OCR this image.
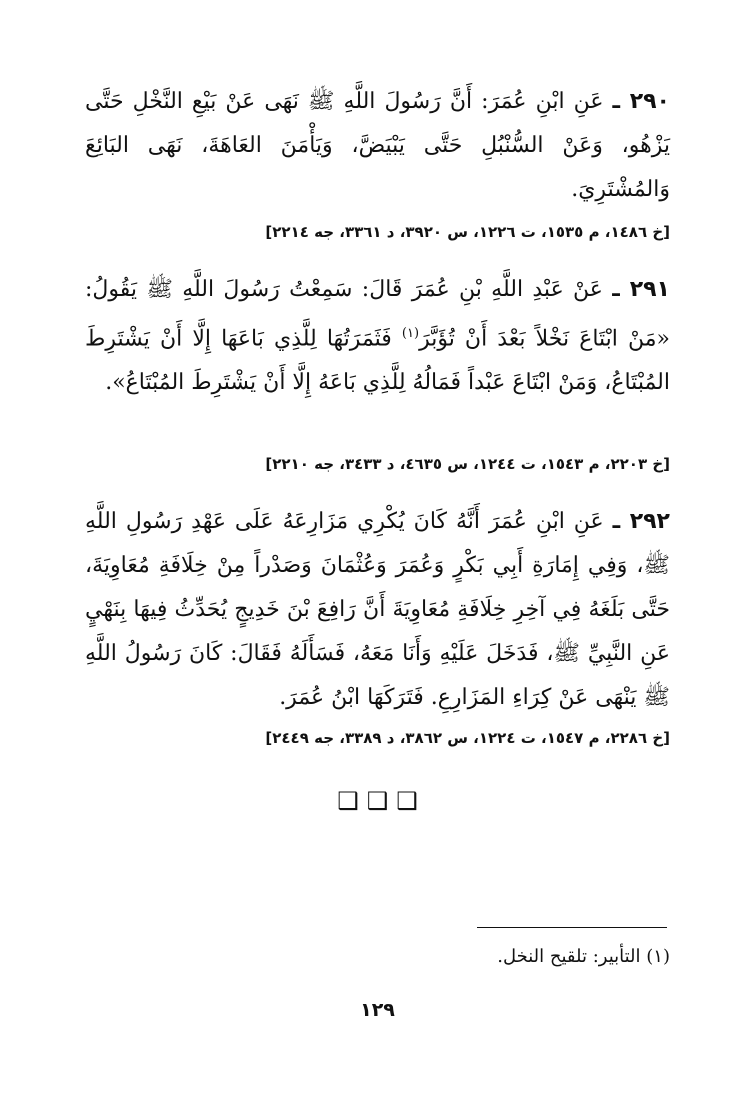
٢٩٠ ـ عَنِ ابْنِ عُمَرَ: أَنَّ رَسُولَ اللَّهِ ﷺ نَهَى عَنْ بَيْعِ النَّخْلِ حَتَّى يَزْهُو، وَعَنْ السُّنْبُلِ حَتَّى يَبْيَضَّ، وَيَأْمَنَ العَاهَةَ، نَهَى البَائِعَ وَالمُشْتَرِيَ.
[خ ١٤٨٦، م ١٥٣٥، ت ١٢٢٦، س ٣٩٢٠، د ٣٣٦١، جه ٢٢١٤]
٢٩١ ـ عَنْ عَبْدِ اللَّهِ بْنِ عُمَرَ قَالَ: سَمِعْتُ رَسُولَ اللَّهِ ﷺ يَقُولُ: «مَنْ ابْتَاعَ نَخْلاً بَعْدَ أَنْ تُؤَبَّرَ$^{(١)}$ فَثَمَرَتُهَا لِلَّذِي بَاعَهَا إِلَّا أَنْ يَشْتَرِطَ المُبْتَاعُ، وَمَنْ ابْتَاعَ عَبْداً فَمَالُهُ لِلَّذِي بَاعَهُ إِلَّا أَنْ يَشْتَرِطَ المُبْتَاعُ».
[خ ٢٢٠٣، م ١٥٤٣، ت ١٢٤٤، س ٤٦٣٥، د ٣٤٣٣، جه ٢٢١٠]
٢٩٢ ـ عَنِ ابْنِ عُمَرَ أَنَّهُ كَانَ يُكْرِي مَزَارِعَهُ عَلَى عَهْدِ رَسُولِ اللَّهِ ﷺ، وَفِي إِمَارَةِ أَبِي بَكْرٍ وَعُمَرَ وَعُثْمَانَ وَصَدْراً مِنْ خِلَافَةِ مُعَاوِيَةَ، حَتَّى بَلَغَهُ فِي آخِرِ خِلَافَةِ مُعَاوِيَةَ أَنَّ رَافِعَ بْنَ خَدِيجٍ يُحَدِّثُ فِيهَا بِنَهْيٍ عَنِ النَّبِيِّ ﷺ، فَدَخَلَ عَلَيْهِ وَأَنَا مَعَهُ، فَسَأَلَهُ فَقَالَ: كَانَ رَسُولُ اللَّهِ ﷺ يَنْهَى عَنْ كِرَاءِ المَزَارِعِ. فَتَرَكَهَا ابْنُ عُمَرَ.
[خ ٢٢٨٦، م ١٥٤٧، ت ١٢٢٤، س ٣٨٦٢، د ٣٣٨٩، جه ٢٤٤٩]
❑❑❑
(١) التأبير: تلقيح النخل.
١٢٩
